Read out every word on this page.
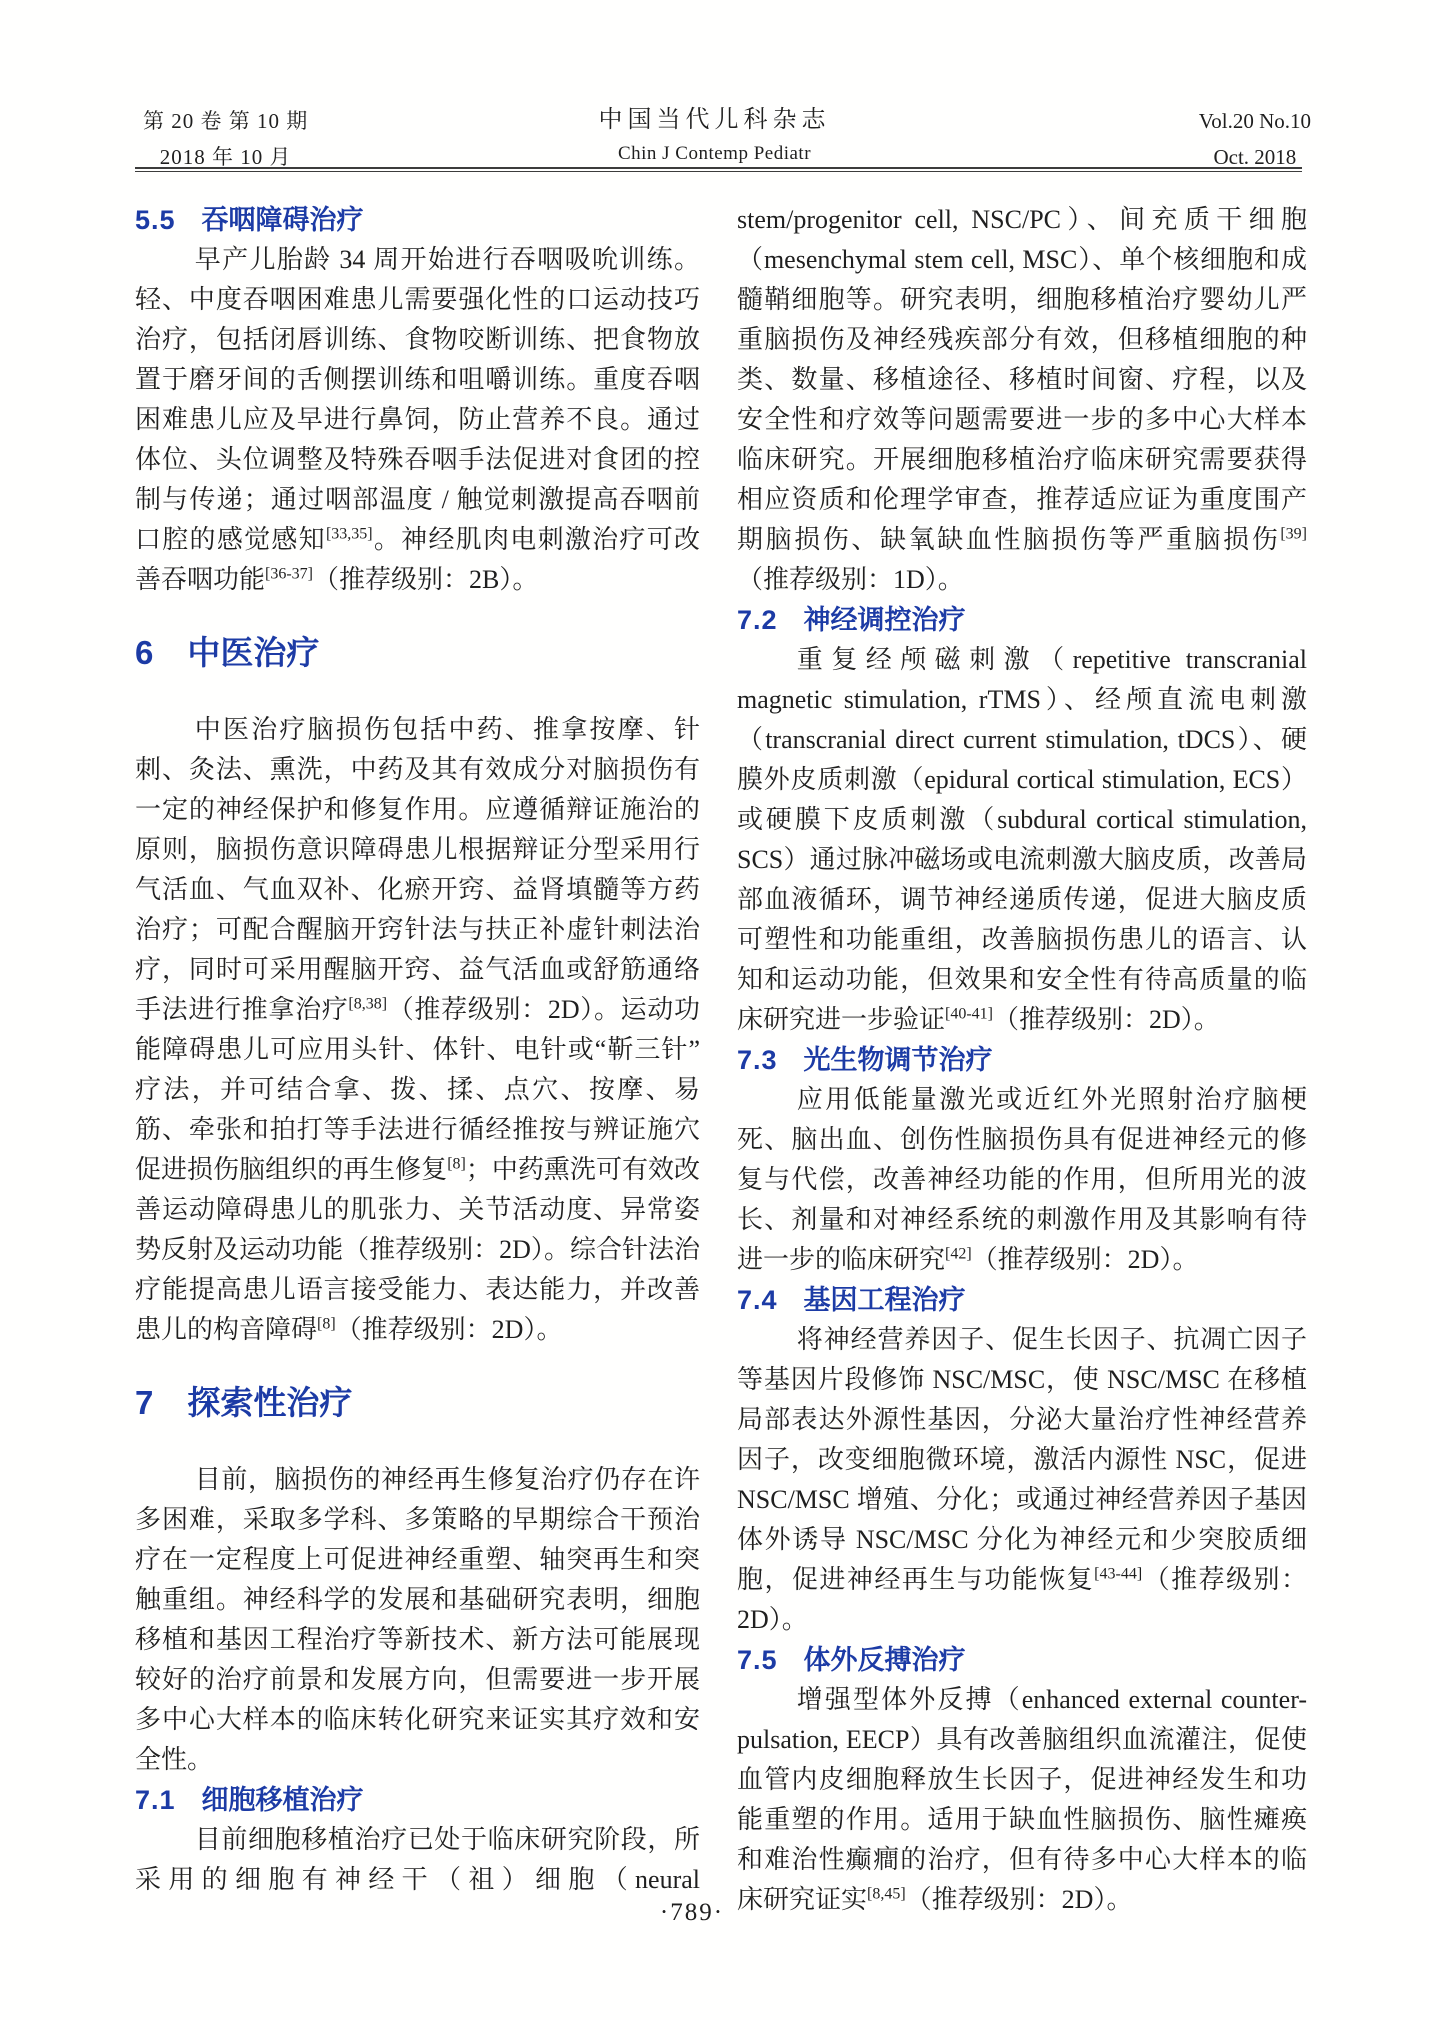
第 20 卷 第 10 期
2018 年 10 月
中国当代儿科杂志
Chin J Contemp Pediatr
Vol.20 No.10
Oct. 2018
5.5 吞咽障碍治疗

早产儿胎龄 34 周开始进行吞咽吸吮训练。轻、中度吞咽困难患儿需要强化性的口运动技巧治疗，包括闭唇训练、食物咬断训练、把食物放置于磨牙间的舌侧摆训练和咀嚼训练。重度吞咽困难患儿应及早进行鼻饲，防止营养不良。通过体位、头位调整及特殊吞咽手法促进对食团的控制与传递；通过咽部温度 / 触觉刺激提高吞咽前口腔的感觉感知[33,35]。神经肌肉电刺激治疗可改善吞咽功能[36-37]（推荐级别：2B）。

6 中医治疗

中医治疗脑损伤包括中药、推拿按摩、针刺、灸法、熏洗，中药及其有效成分对脑损伤有一定的神经保护和修复作用。应遵循辩证施治的原则，脑损伤意识障碍患儿根据辩证分型采用行气活血、气血双补、化瘀开窍、益肾填髓等方药治疗；可配合醒脑开窍针法与扶正补虚针刺法治疗，同时可采用醒脑开窍、益气活血或舒筋通络手法进行推拿治疗[8,38]（推荐级别：2D）。运动功能障碍患儿可应用头针、体针、电针或“靳三针”疗法，并可结合拿、拨、揉、点穴、按摩、易筋、牵张和拍打等手法进行循经推按与辨证施穴促进损伤脑组织的再生修复[8]；中药熏洗可有效改善运动障碍患儿的肌张力、关节活动度、异常姿势反射及运动功能（推荐级别：2D）。综合针法治疗能提高患儿语言接受能力、表达能力，并改善患儿的构音障碍[8]（推荐级别：2D）。

7 探索性治疗

目前，脑损伤的神经再生修复治疗仍存在许多困难，采取多学科、多策略的早期综合干预治疗在一定程度上可促进神经重塑、轴突再生和突触重组。神经科学的发展和基础研究表明，细胞移植和基因工程治疗等新技术、新方法可能展现较好的治疗前景和发展方向，但需要进一步开展多中心大样本的临床转化研究来证实其疗效和安全性。

7.1 细胞移植治疗

目前细胞移植治疗已处于临床研究阶段，所采用的细胞有神经干（祖）细胞（neural

stem/progenitor cell, NSC/PC）、间充质干细胞（mesenchymal stem cell, MSC）、单个核细胞和成髓鞘细胞等。研究表明，细胞移植治疗婴幼儿严重脑损伤及神经残疾部分有效，但移植细胞的种类、数量、移植途径、移植时间窗、疗程，以及安全性和疗效等问题需要进一步的多中心大样本临床研究。开展细胞移植治疗临床研究需要获得相应资质和伦理学审查，推荐适应证为重度围产期脑损伤、缺氧缺血性脑损伤等严重脑损伤[39]（推荐级别：1D）。

7.2 神经调控治疗

重复经颅磁刺激（repetitive transcranial magnetic stimulation, rTMS）、经颅直流电刺激（transcranial direct current stimulation, tDCS）、硬膜外皮质刺激（epidural cortical stimulation, ECS）或硬膜下皮质刺激（subdural cortical stimulation, SCS）通过脉冲磁场或电流刺激大脑皮质，改善局部血液循环，调节神经递质传递，促进大脑皮质可塑性和功能重组，改善脑损伤患儿的语言、认知和运动功能，但效果和安全性有待高质量的临床研究进一步验证[40-41]（推荐级别：2D）。

7.3 光生物调节治疗

应用低能量激光或近红外光照射治疗脑梗死、脑出血、创伤性脑损伤具有促进神经元的修复与代偿，改善神经功能的作用，但所用光的波长、剂量和对神经系统的刺激作用及其影响有待进一步的临床研究[42]（推荐级别：2D）。

7.4 基因工程治疗

将神经营养因子、促生长因子、抗凋亡因子等基因片段修饰 NSC/MSC，使 NSC/MSC 在移植局部表达外源性基因，分泌大量治疗性神经营养因子，改变细胞微环境，激活内源性 NSC，促进 NSC/MSC 增殖、分化；或通过神经营养因子基因体外诱导 NSC/MSC 分化为神经元和少突胶质细胞，促进神经再生与功能恢复[43-44]（推荐级别：2D）。

7.5 体外反搏治疗

增强型体外反搏（enhanced external counter-pulsation, EECP）具有改善脑组织血流灌注，促使血管内皮细胞释放生长因子，促进神经发生和功能重塑的作用。适用于缺血性脑损伤、脑性瘫痪和难治性癫癎的治疗，但有待多中心大样本的临床研究证实[8,45]（推荐级别：2D）。

·789·
